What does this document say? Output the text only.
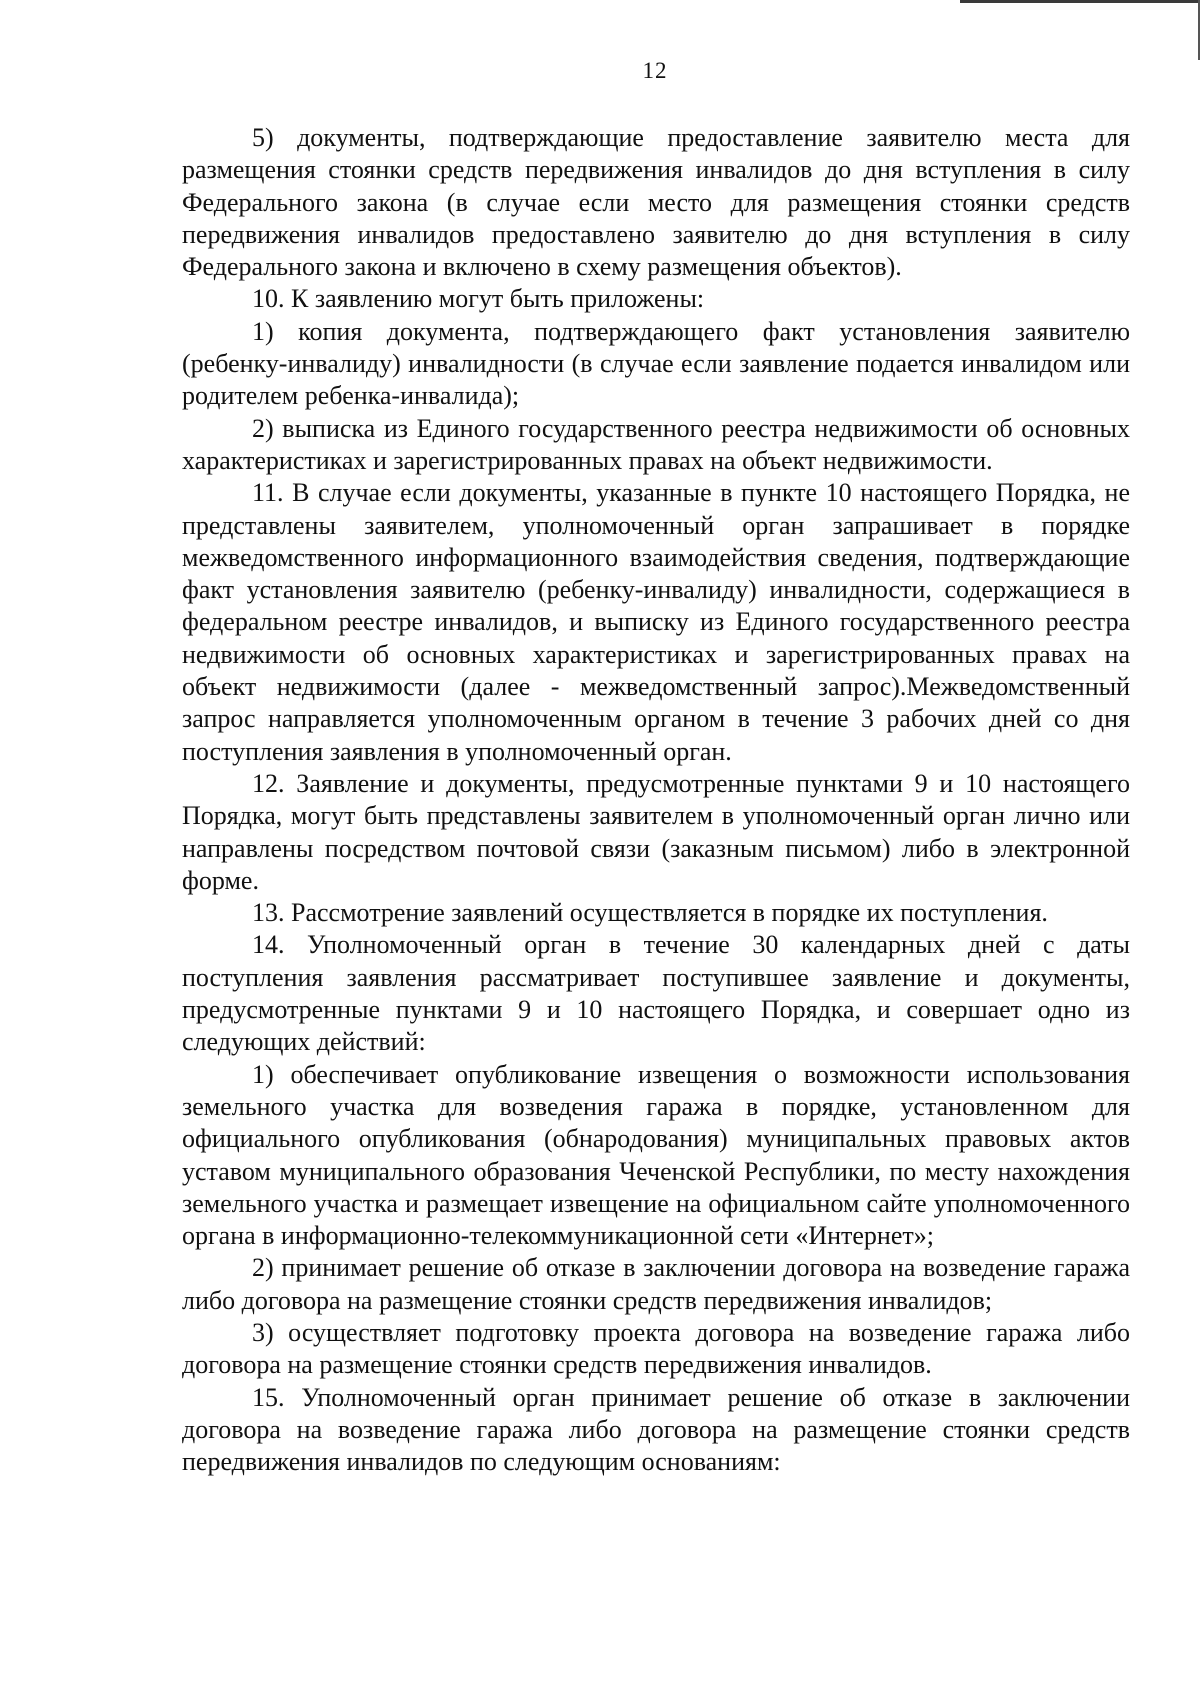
12

5) документы, подтверждающие предоставление заявителю места для размещения стоянки средств передвижения инвалидов до дня вступления в силу Федерального закона (в случае если место для размещения стоянки средств передвижения инвалидов предоставлено заявителю до дня вступления в силу Федерального закона и включено в схему размещения объектов).

10. К заявлению могут быть приложены:

1) копия документа, подтверждающего факт установления заявителю (ребенку-инвалиду) инвалидности (в случае если заявление подается инвалидом или родителем ребенка-инвалида);

2) выписка из Единого государственного реестра недвижимости об основных характеристиках и зарегистрированных правах на объект недвижимости.

11. В случае если документы, указанные в пункте 10 настоящего Порядка, не представлены заявителем, уполномоченный орган запрашивает в порядке межведомственного информационного взаимодействия сведения, подтверждающие факт установления заявителю (ребенку-инвалиду) инвалидности, содержащиеся в федеральном реестре инвалидов, и выписку из Единого государственного реестра недвижимости об основных характеристиках и зарегистрированных правах на объект недвижимости (далее - межведомственный запрос).Межведомственный запрос направляется уполномоченным органом в течение 3 рабочих дней со дня поступления заявления в уполномоченный орган.

12. Заявление и документы, предусмотренные пунктами 9 и 10 настоящего Порядка, могут быть представлены заявителем в уполномоченный орган лично или направлены посредством почтовой связи (заказным письмом) либо в электронной форме.

13. Рассмотрение заявлений осуществляется в порядке их поступления.

14. Уполномоченный орган в течение 30 календарных дней с даты поступления заявления рассматривает поступившее заявление и документы, предусмотренные пунктами 9 и 10 настоящего Порядка, и совершает одно из следующих действий:

1) обеспечивает опубликование извещения о возможности использования земельного участка для возведения гаража в порядке, установленном для официального опубликования (обнародования) муниципальных правовых актов уставом муниципального образования Чеченской Республики, по месту нахождения земельного участка и размещает извещение на официальном сайте уполномоченного органа в информационно-телекоммуникационной сети «Интернет»;

2) принимает решение об отказе в заключении договора на возведение гаража либо договора на размещение стоянки средств передвижения инвалидов;

3) осуществляет подготовку проекта договора на возведение гаража либо договора на размещение стоянки средств передвижения инвалидов.

15. Уполномоченный орган принимает решение об отказе в заключении договора на возведение гаража либо договора на размещение стоянки средств передвижения инвалидов по следующим основаниям:
